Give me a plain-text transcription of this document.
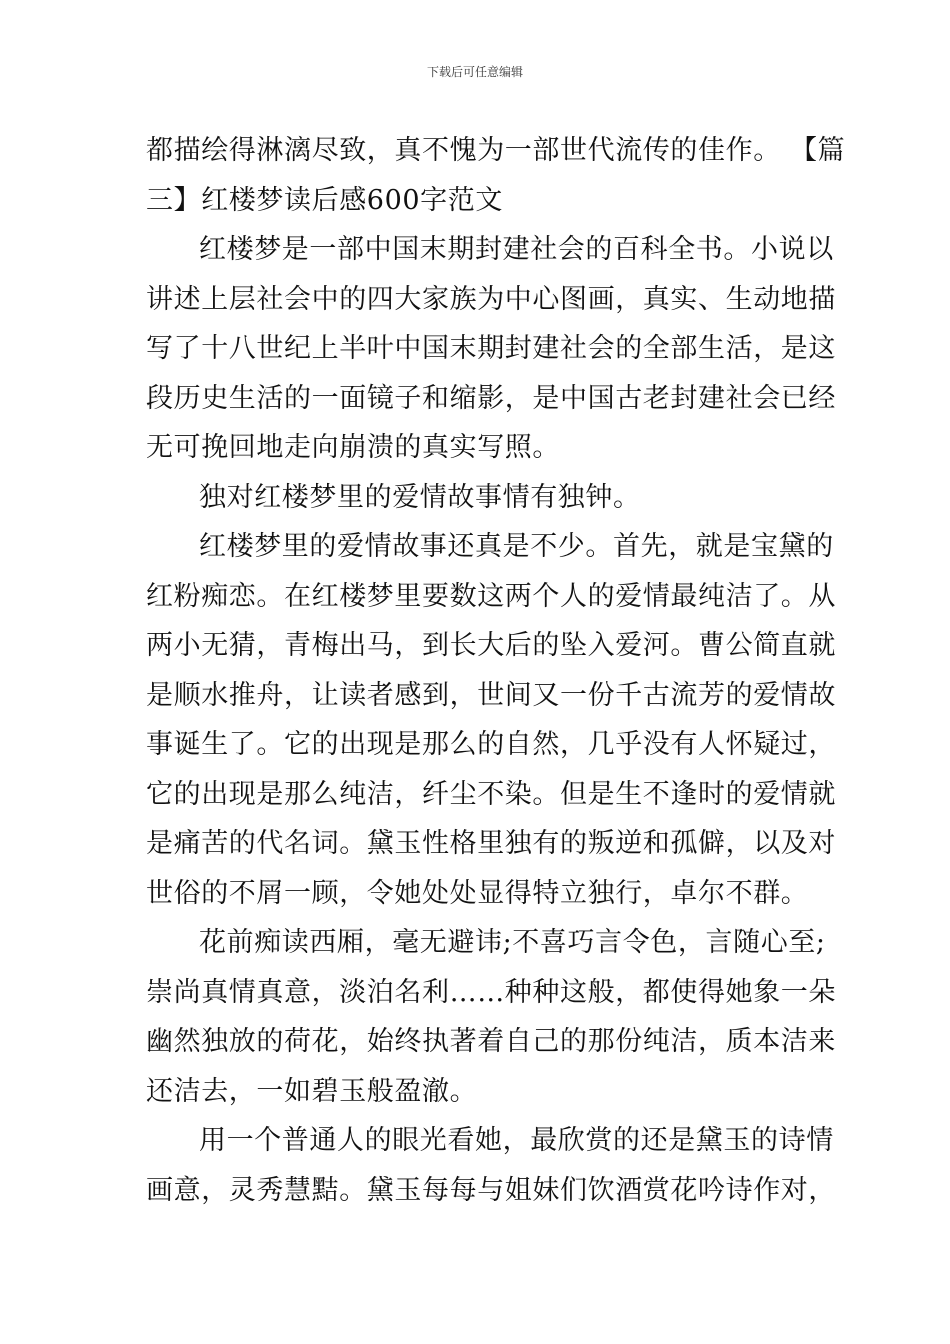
下载后可任意编辑
都描绘得淋漓尽致，真不愧为一部世代流传的佳作。 【篇
三】红楼梦读后感600字范文
红楼梦是一部中国末期封建社会的百科全书。小说以
讲述上层社会中的四大家族为中心图画，真实、生动地描
写了十八世纪上半叶中国末期封建社会的全部生活，是这
段历史生活的一面镜子和缩影，是中国古老封建社会已经
无可挽回地走向崩溃的真实写照。
独对红楼梦里的爱情故事情有独钟。
红楼梦里的爱情故事还真是不少。首先，就是宝黛的
红粉痴恋。在红楼梦里要数这两个人的爱情最纯洁了。从
两小无猜，青梅出马，到长大后的坠入爱河。曹公简直就
是顺水推舟，让读者感到，世间又一份千古流芳的爱情故
事诞生了。它的出现是那么的自然，几乎没有人怀疑过，
它的出现是那么纯洁，纤尘不染。但是生不逢时的爱情就
是痛苦的代名词。黛玉性格里独有的叛逆和孤僻，以及对
世俗的不屑一顾，令她处处显得特立独行，卓尔不群。
花前痴读西厢，毫无避讳;不喜巧言令色，言随心至;
崇尚真情真意，淡泊名利……种种这般，都使得她象一朵
幽然独放的荷花，始终执著着自己的那份纯洁，质本洁来
还洁去，一如碧玉般盈澈。
用一个普通人的眼光看她，最欣赏的还是黛玉的诗情
画意，灵秀慧黠。黛玉每每与姐妹们饮酒赏花吟诗作对，
